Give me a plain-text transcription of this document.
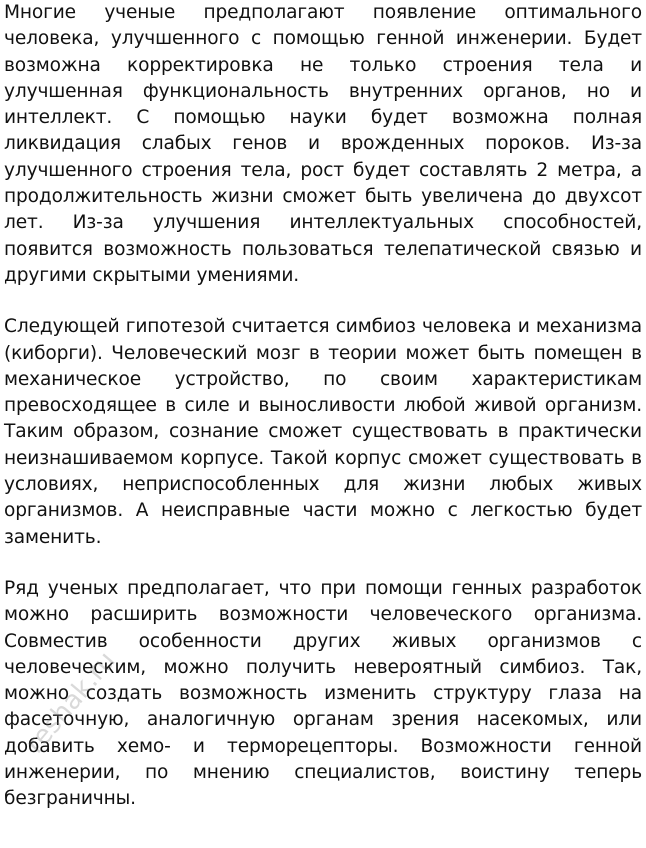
Многие ученые предполагают появление оптимального человека, улучшенного с помощью генной инженерии. Будет возможна корректировка не только строения тела и улучшенная функциональность внутренних органов, но и интеллект. С помощью науки будет возможна полная ликвидация слабых генов и врожденных пороков. Из-за улучшенного строения тела, рост будет составлять 2 метра, а продолжительность жизни сможет быть увеличена до двухсот лет. Из-за улучшения интеллектуальных способностей, появится возможность пользоваться телепатической связью и другими скрытыми умениями.

Следующей гипотезой считается симбиоз человека и механизма (киборги). Человеческий мозг в теории может быть помещен в механическое устройство, по своим характеристикам превосходящее в силе и выносливости любой живой организм. Таким образом, сознание сможет существовать в практически неизнашиваемом корпусе. Такой корпус сможет существовать в условиях, неприспособленных для жизни любых живых организмов. А неисправные части можно с легкостью будет заменить.

Ряд ученых предполагает, что при помощи генных разработок можно расширить возможности человеческого организма. Совместив особенности других живых организмов с человеческим, можно получить невероятный симбиоз. Так, можно создать возможность изменить структуру глаза на фасеточную, аналогичную органам зрения насекомых, или добавить хемо- и терморецепторы. Возможности генной инженерии, по мнению специалистов, воистину теперь безграничны.

reshak.ru
